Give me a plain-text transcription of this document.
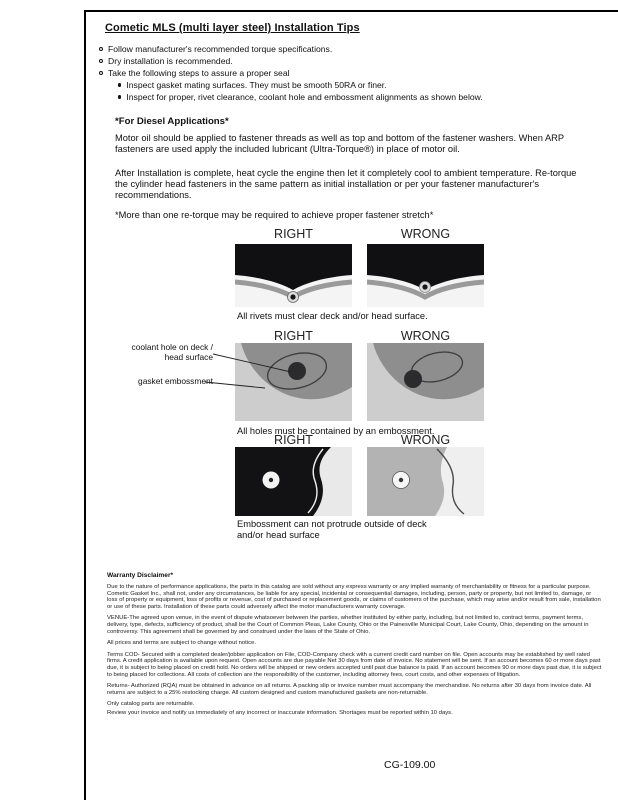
Cometic MLS (multi layer steel) Installation Tips
Follow manufacturer's recommended torque specifications.
Dry installation is recommended.
Take the following steps to assure a proper seal
Inspect gasket mating surfaces. They must be smooth 50RA or finer.
Inspect for proper, rivet clearance, coolant hole and embossment alignments as shown below.
*For Diesel Applications*
Motor oil should be applied to fastener threads as well as top and bottom of the fastener washers. When ARP fasteners are used apply the included lubricant (Ultra-Torque®) in place of motor oil.
After Installation is complete, heat cycle the engine then let it completely cool to ambient temperature. Re-torque the cylinder head fasteners in the same pattern as initial installation or per your fastener manufacturer's recommendations.
*More than one re-torque may be required to achieve proper fastener stretch*
RIGHT	WRONG
All rivets must clear deck and/or head surface.
RIGHT	WRONG
coolant hole on deck / head surface
gasket embossment
All holes must be contained by an embossment.
RIGHT	WRONG
Embossment can not protrude outside of deck and/or head surface
Warranty Disclaimer*

Due to the nature of performance applications, the parts in this catalog are sold without any express warranty or any implied warranty of merchantability or fitness for a particular purpose. Cometic Gasket Inc., shall not, under any circumstances, be liable for any special, incidental or consequential damages, including, person, party or property, but not limited to, damage, or loss of property or equipment, loss of profits or revenue, cost of purchased or replacement goods, or claims of customers of the purchase, which may arise and/or result from sale, installation or use of these parts. Installation of these parts could adversely affect the motor manufacturers warranty coverage.

VENUE-The agreed upon venue, in the event of dispute whatsoever between the parties, whether instituted by either party, including, but not limited to, contract terms, payment terms, delivery, type, defects, sufficiency of product, shall be the Court of Common Pleas, Lake County, Ohio or the Painesville Municipal Court, Lake County, Ohio, depending on the amount in controversy. This agreement shall be governed by and construed under the laws of the State of Ohio.

All prices and terms are subject to change without notice.

Terms COD- Secured with a completed dealer/jobber application on File, COD-Company check with a current credit card number on file. Open accounts may be established by well rated firms. A credit application is available upon request. Open accounts are due payable Net 30 days from date of invoice. No statement will be sent. If an account becomes 60 or more days past due, it is subject to being placed on credit hold. No orders will be shipped or new orders accepted until past due balance is paid. If an account becomes 90 or more days past due, it is subject to being placed for collections. All costs of collection are the responsibility of the customer, including attorney fees, court costs, and other expenses of litigation.

Returns- Authorized (RQA) must be obtained in advance on all returns. A packing slip or invoice number must accompany the merchandise. No returns after 30 days from invoice date. All returns are subject to a 25% restocking charge. All custom designed and custom manufactured gaskets are non-returnable.

Only catalog parts are returnable.

Review your invoice and notify us immediately of any incorrect or inaccurate information. Shortages must be reported within 10 days.

CG-109.00
